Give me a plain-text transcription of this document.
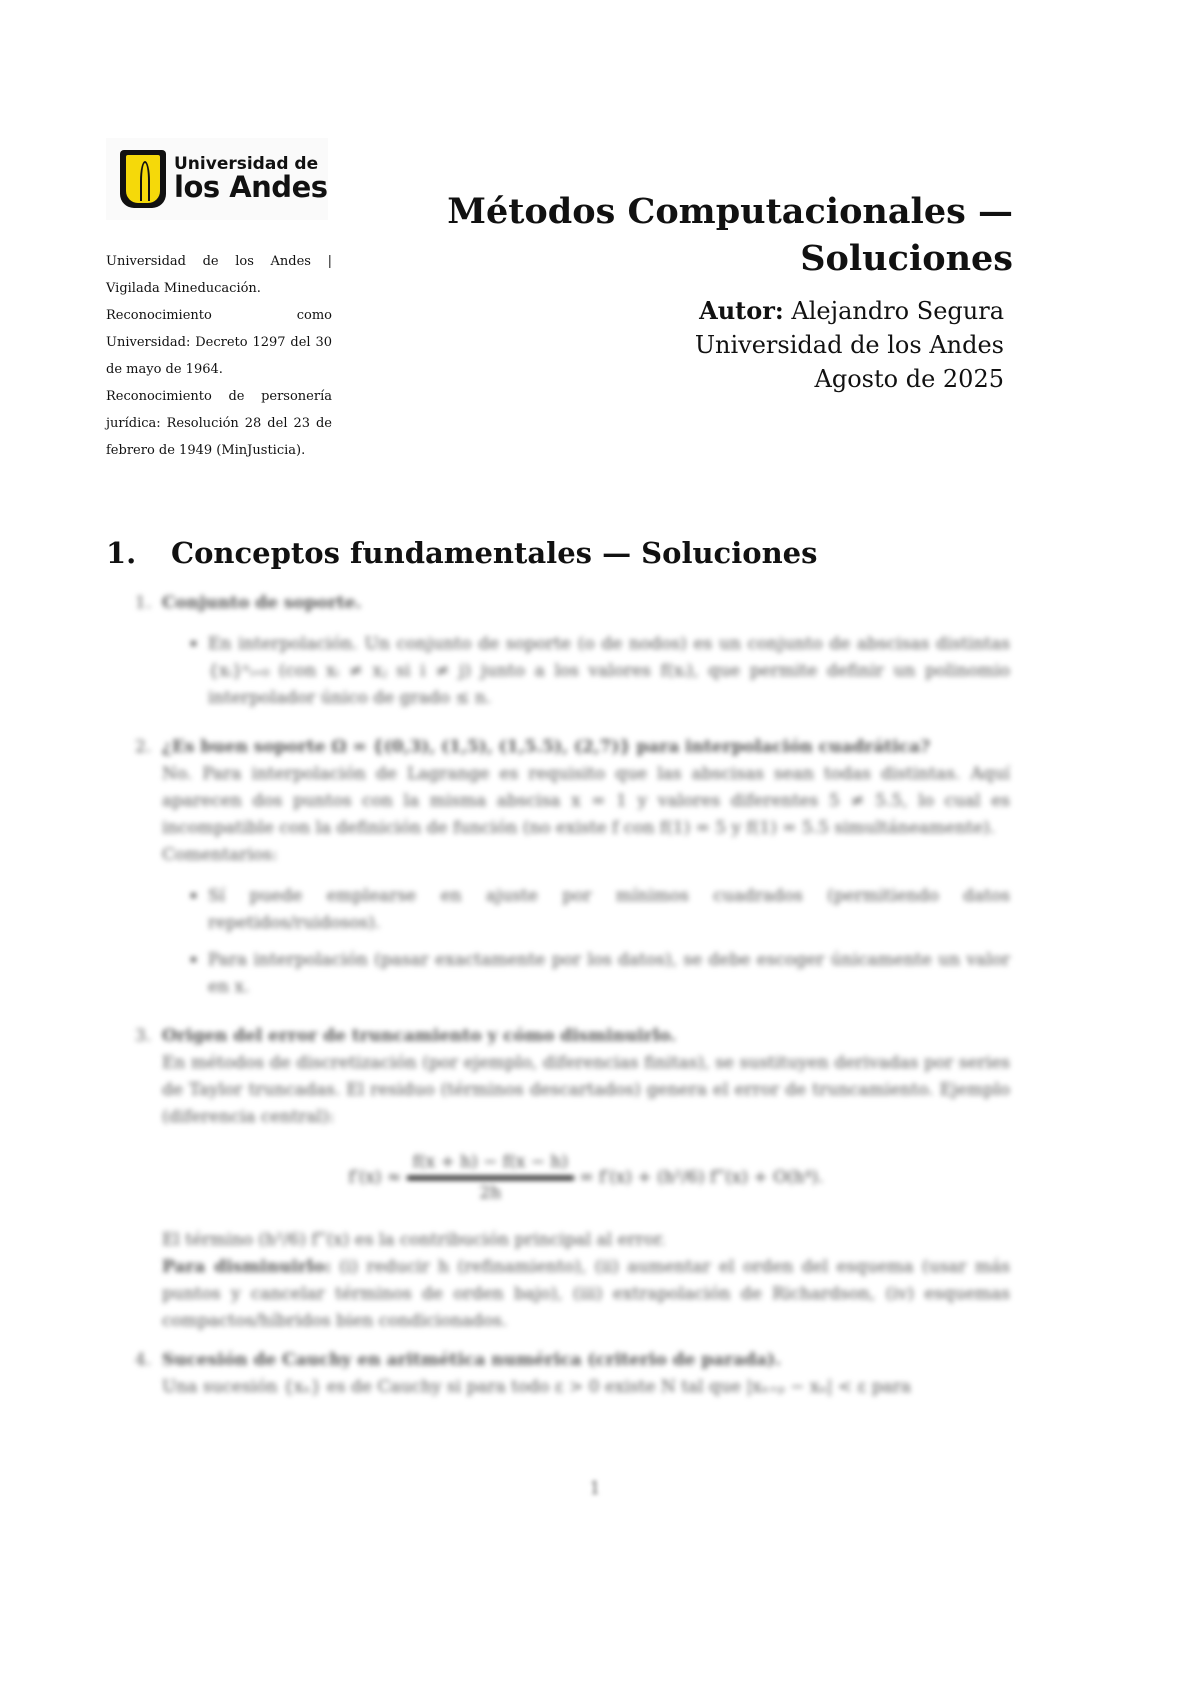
Universidad de
los Andes

Universidad de los Andes | Vigilada Mineducación.

Reconocimiento como Universidad: Decreto 1297 del 30 de mayo de 1964.

Reconocimiento de personería jurídica: Resolución 28 del 23 de febrero de 1949 (MinJusticia).

Métodos Computacionales —
Soluciones
Autor: Alejandro Segura
Universidad de los Andes
Agosto de 2025
1. Conceptos fundamentales — Soluciones
1. Conjunto de soporte.

▪ En interpolación. Un conjunto de soporte (o de nodos) es un conjunto de abscisas distintas {xᵢ}ⁿᵢ₌₀ (con xᵢ ≠ xⱼ si i ≠ j) junto a los valores f(xᵢ), que permite definir un polinomio interpolador único de grado ≤ n.
2. ¿Es buen soporte Ω = {(0,3), (1,5), (1,5.5), (2,7)} para interpolación cuadrática?

No. Para interpolación de Lagrange es requisito que las abscisas sean todas distintas. Aquí aparecen dos puntos con la misma abscisa x = 1 y valores diferentes 5 ≠ 5.5, lo cual es incompatible con la definición de función (no existe f con f(1) = 5 y f(1) = 5.5 simultáneamente).

Comentarios:

▪ Sí puede emplearse en ajuste por mínimos cuadrados (permitiendo datos repetidos/ruidosos).
▪ Para interpolación (pasar exactamente por los datos), se debe escoger únicamente un valor en x.
3. Origen del error de truncamiento y cómo disminuirlo.

En métodos de discretización (por ejemplo, diferencias finitas), se sustituyen derivadas por series de Taylor truncadas. El residuo (términos descartados) genera el error de truncamiento. Ejemplo (diferencia central):

$f'(x) \approx \frac{f(x + h) - f(x - h)}{2h} = f'(x) + (h^2/6)$ f‴(x) + O(h⁴).

El término (h²/6) f‴(x) es la contribución principal al error.

Para disminuirlo: (i) reducir h (refinamiento), (ii) aumentar el orden del esquema (usar más puntos y cancelar términos de orden bajo), (iii) extrapolación de Richardson, (iv) esquemas compactos/híbridos bien condicionados.

4. Sucesión de Cauchy en aritmética numérica (criterio de parada).

Una sucesión {xₙ} es de Cauchy si para todo ε > 0 existe N tal que |xₙ₊ₚ − xₙ| < ε para

1
